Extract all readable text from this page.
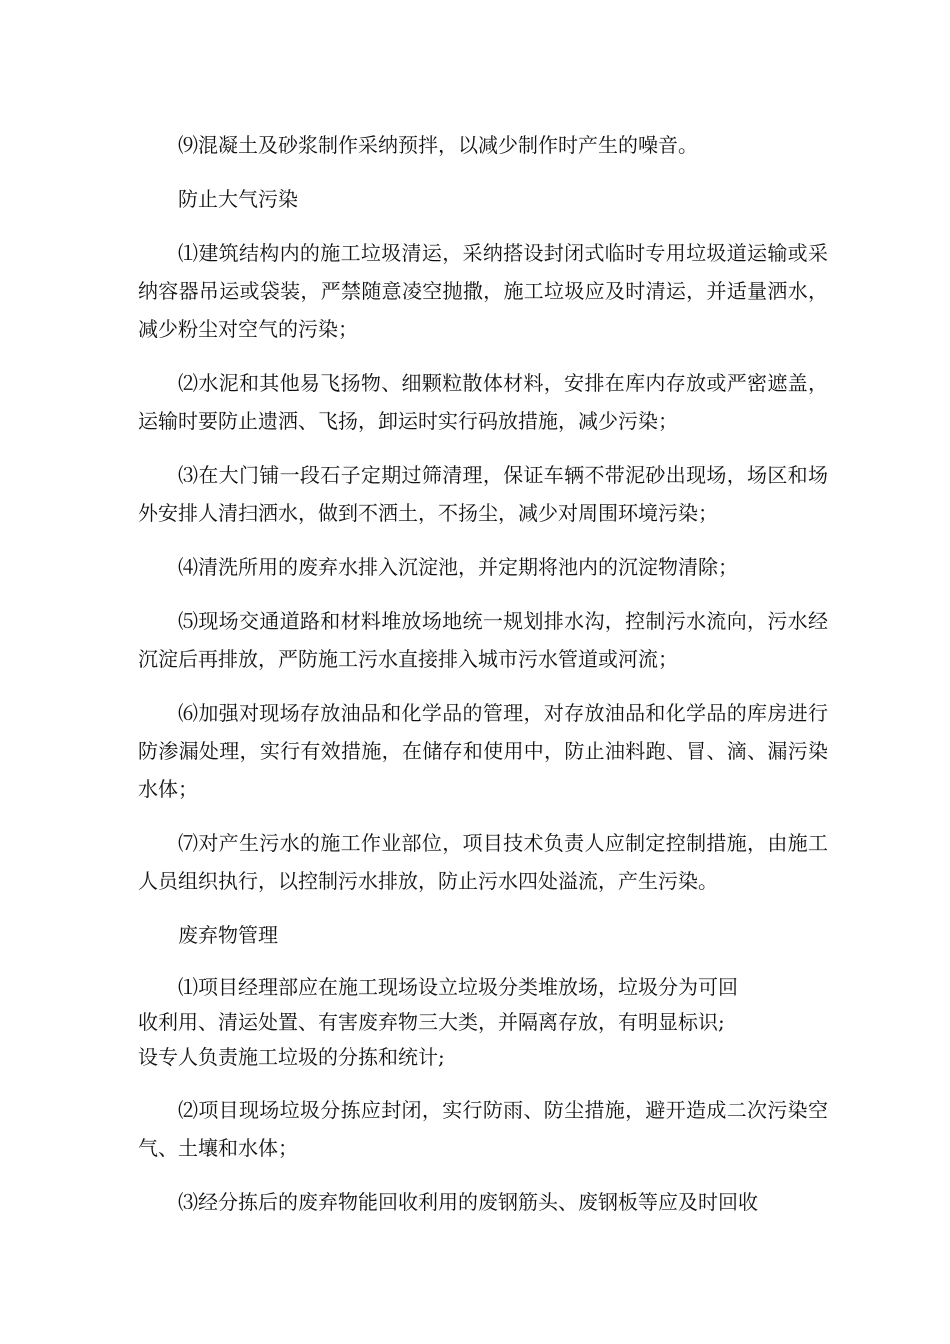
⑼混凝土及砂浆制作采纳预拌，以减少制作时产生的噪音。

防止大气污染

⑴建筑结构内的施工垃圾清运，采纳搭设封闭式临时专用垃圾道运输或采纳容器吊运或袋装，严禁随意凌空抛撒，施工垃圾应及时清运，并适量洒水，减少粉尘对空气的污染；

⑵水泥和其他易飞扬物、细颗粒散体材料，安排在库内存放或严密遮盖，运输时要防止遗洒、飞扬，卸运时实行码放措施，减少污染；

⑶在大门铺一段石子定期过筛清理，保证车辆不带泥砂出现场，场区和场外安排人清扫洒水，做到不洒土，不扬尘，减少对周围环境污染；

⑷清洗所用的废弃水排入沉淀池，并定期将池内的沉淀物清除；

⑸现场交通道路和材料堆放场地统一规划排水沟，控制污水流向，污水经沉淀后再排放，严防施工污水直接排入城市污水管道或河流；

⑹加强对现场存放油品和化学品的管理，对存放油品和化学品的库房进行防渗漏处理，实行有效措施，在储存和使用中，防止油料跑、冒、滴、漏污染水体；

⑺对产生污水的施工作业部位，项目技术负责人应制定控制措施，由施工人员组织执行，以控制污水排放，防止污水四处溢流，产生污染。

废弃物管理

⑴项目经理部应在施工现场设立垃圾分类堆放场，垃圾分为可回
收利用、清运处置、有害废弃物三大类，并隔离存放，有明显标识;
设专人负责施工垃圾的分拣和统计;

⑵项目现场垃圾分拣应封闭，实行防雨、防尘措施，避开造成二次污染空气、土壤和水体；

⑶经分拣后的废弃物能回收利用的废钢筋头、废钢板等应及时回收
